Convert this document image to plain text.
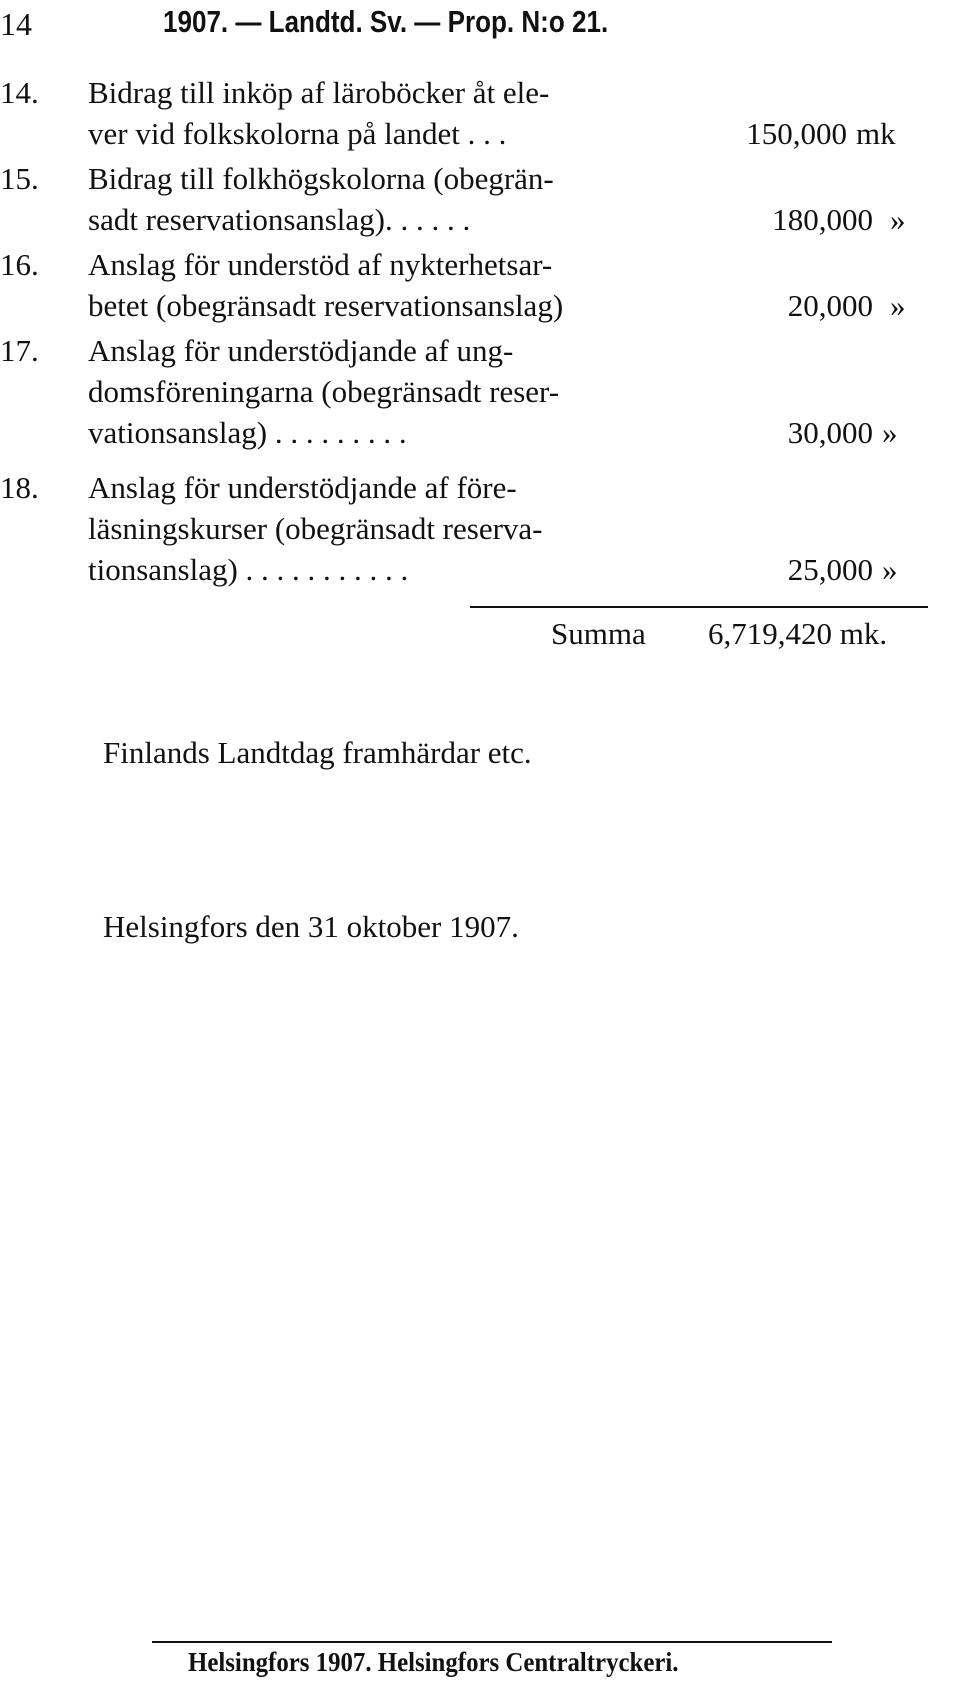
14	1907. — Landtd. Sv. — Prop. N:o 21.
14.	Bidrag till inköp af läroböcker åt ele-
ver vid folkskolorna på landet . . .	150,000 mk
15.	Bidrag till folkhögskolorna (obegrän-
sadt reservationsanslag). . . . . .	180,000 »
16.	Anslag för understöd af nykterhetsar-
betet (obegränsadt reservationsanslag)	20,000 »
17.	Anslag för understödjande af ung-
domsföreningarna (obegränsadt reser-
vationsanslag) . . . . . . . . .	30,000 »
18.	Anslag för understödjande af före-
läsningskurser (obegränsadt reserva-
tionsanslag) . . . . . . . . . . .	25,000 »
Summa 6,719,420 mk.
Finlands Landtdag framhärdar etc.
Helsingfors den 31 oktober 1907.
Helsingfors 1907. Helsingfors Centraltryckeri.
